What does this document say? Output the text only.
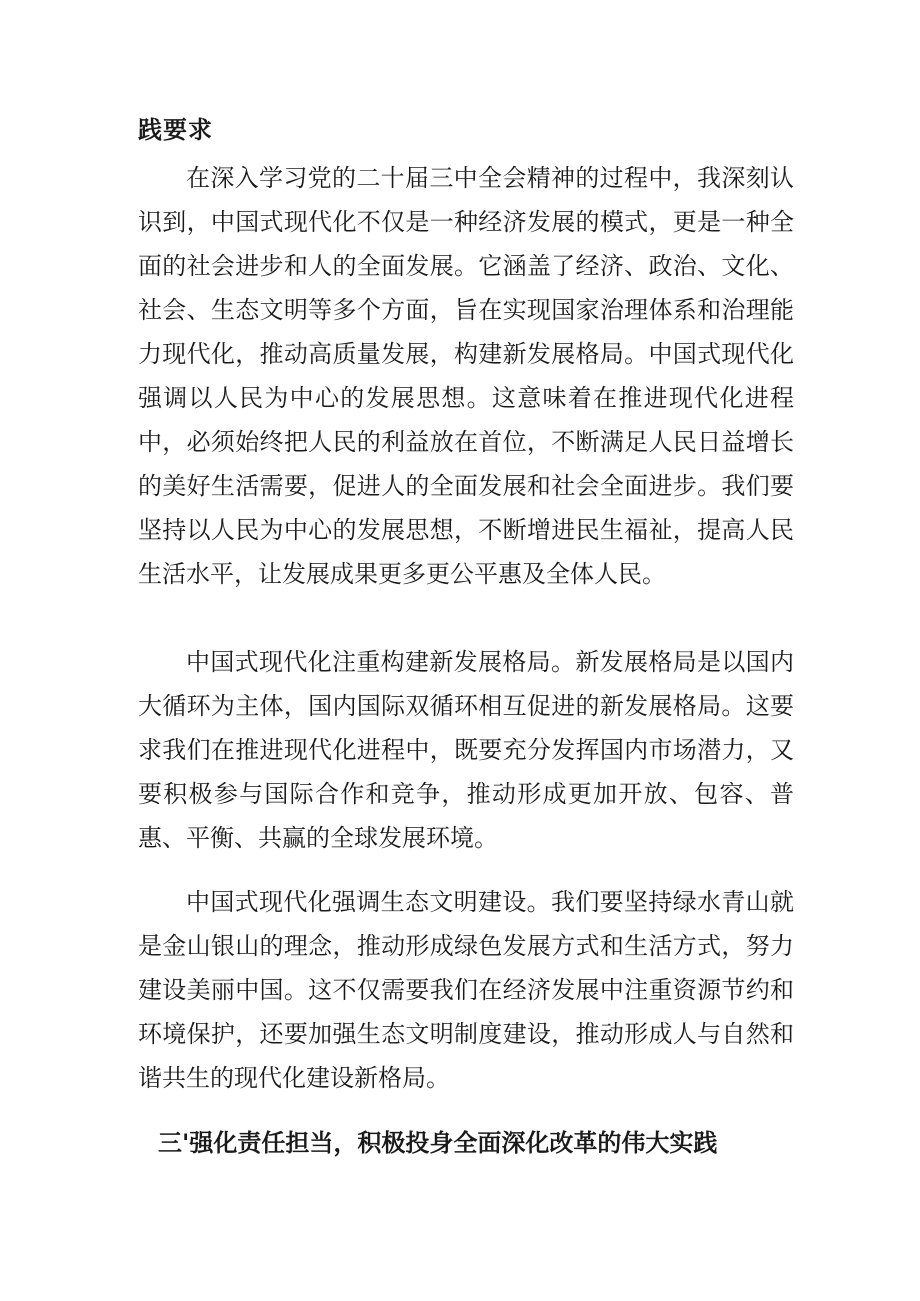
践要求

在深入学习党的二十届三中全会精神的过程中，我深刻认识到，中国式现代化不仅是一种经济发展的模式，更是一种全面的社会进步和人的全面发展。它涵盖了经济、政治、文化、社会、生态文明等多个方面，旨在实现国家治理体系和治理能力现代化，推动高质量发展，构建新发展格局。中国式现代化强调以人民为中心的发展思想。这意味着在推进现代化进程中，必须始终把人民的利益放在首位，不断满足人民日益增长的美好生活需要，促进人的全面发展和社会全面进步。我们要坚持以人民为中心的发展思想，不断增进民生福祉，提高人民生活水平，让发展成果更多更公平惠及全体人民。

中国式现代化注重构建新发展格局。新发展格局是以国内大循环为主体，国内国际双循环相互促进的新发展格局。这要求我们在推进现代化进程中，既要充分发挥国内市场潜力，又要积极参与国际合作和竞争，推动形成更加开放、包容、普惠、平衡、共赢的全球发展环境。

中国式现代化强调生态文明建设。我们要坚持绿水青山就是金山银山的理念，推动形成绿色发展方式和生活方式，努力建设美丽中国。这不仅需要我们在经济发展中注重资源节约和环境保护，还要加强生态文明制度建设，推动形成人与自然和谐共生的现代化建设新格局。

三'强化责任担当，积极投身全面深化改革的伟大实践
